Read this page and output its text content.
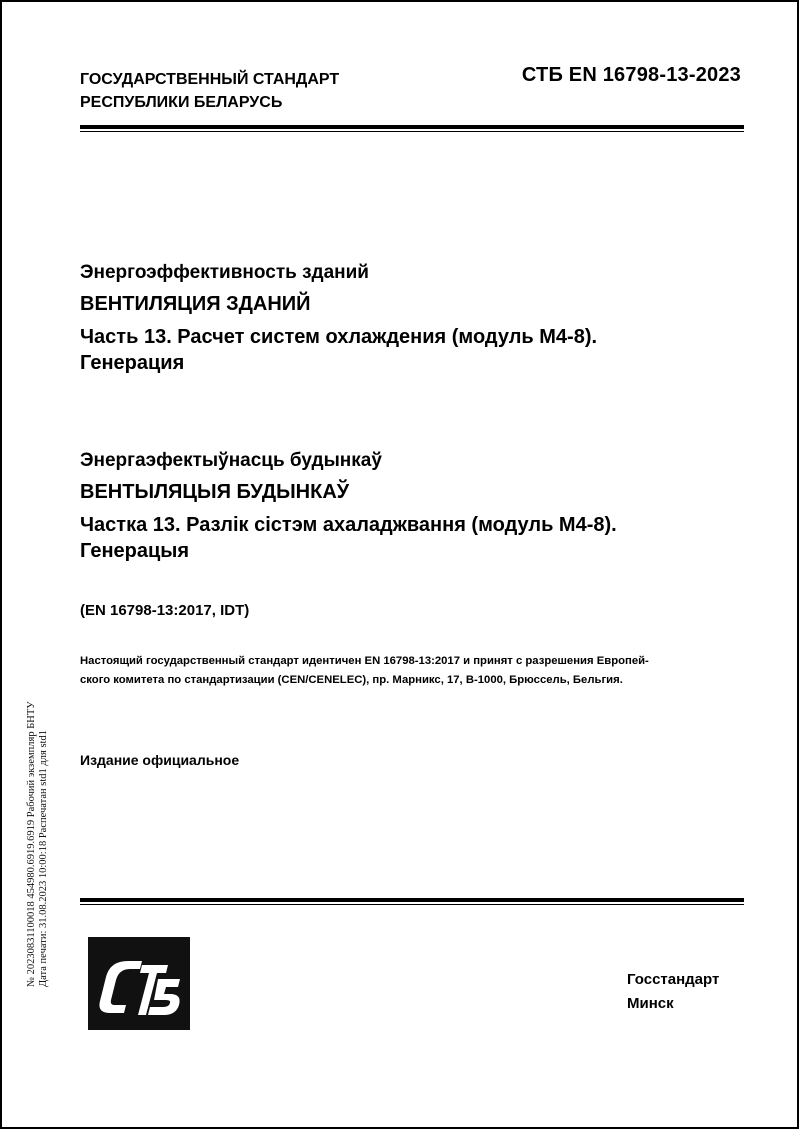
ГОСУДАРСТВЕННЫЙ СТАНДАРТ
РЕСПУБЛИКИ БЕЛАРУСЬ
СТБ EN 16798-13-2023
Энергоэффективность зданий
ВЕНТИЛЯЦИЯ ЗДАНИЙ
Часть 13. Расчет систем охлаждения (модуль М4-8).
Генерация
Энергаэфектыўнасць будынкаў
ВЕНТЫЛЯЦЫЯ БУДЫНКАЎ
Частка 13. Разлік сістэм ахаладжвання (модуль М4-8).
Генерацыя
(EN 16798-13:2017, IDT)
Настоящий государственный стандарт идентичен EN 16798-13:2017 и принят с разрешения Европей-
ского комитета по стандартизации (CEN/CENELEC), пр. Марникс, 17, B-1000, Брюссель, Бельгия.
Издание официальное
№ 20230831100018 454980.6919.6919 Рабочий экземпляр БНТУ Дата печати: 31.08.2023 10:00:18 Распечатан std1 для std1	Госстандарт
Минск
